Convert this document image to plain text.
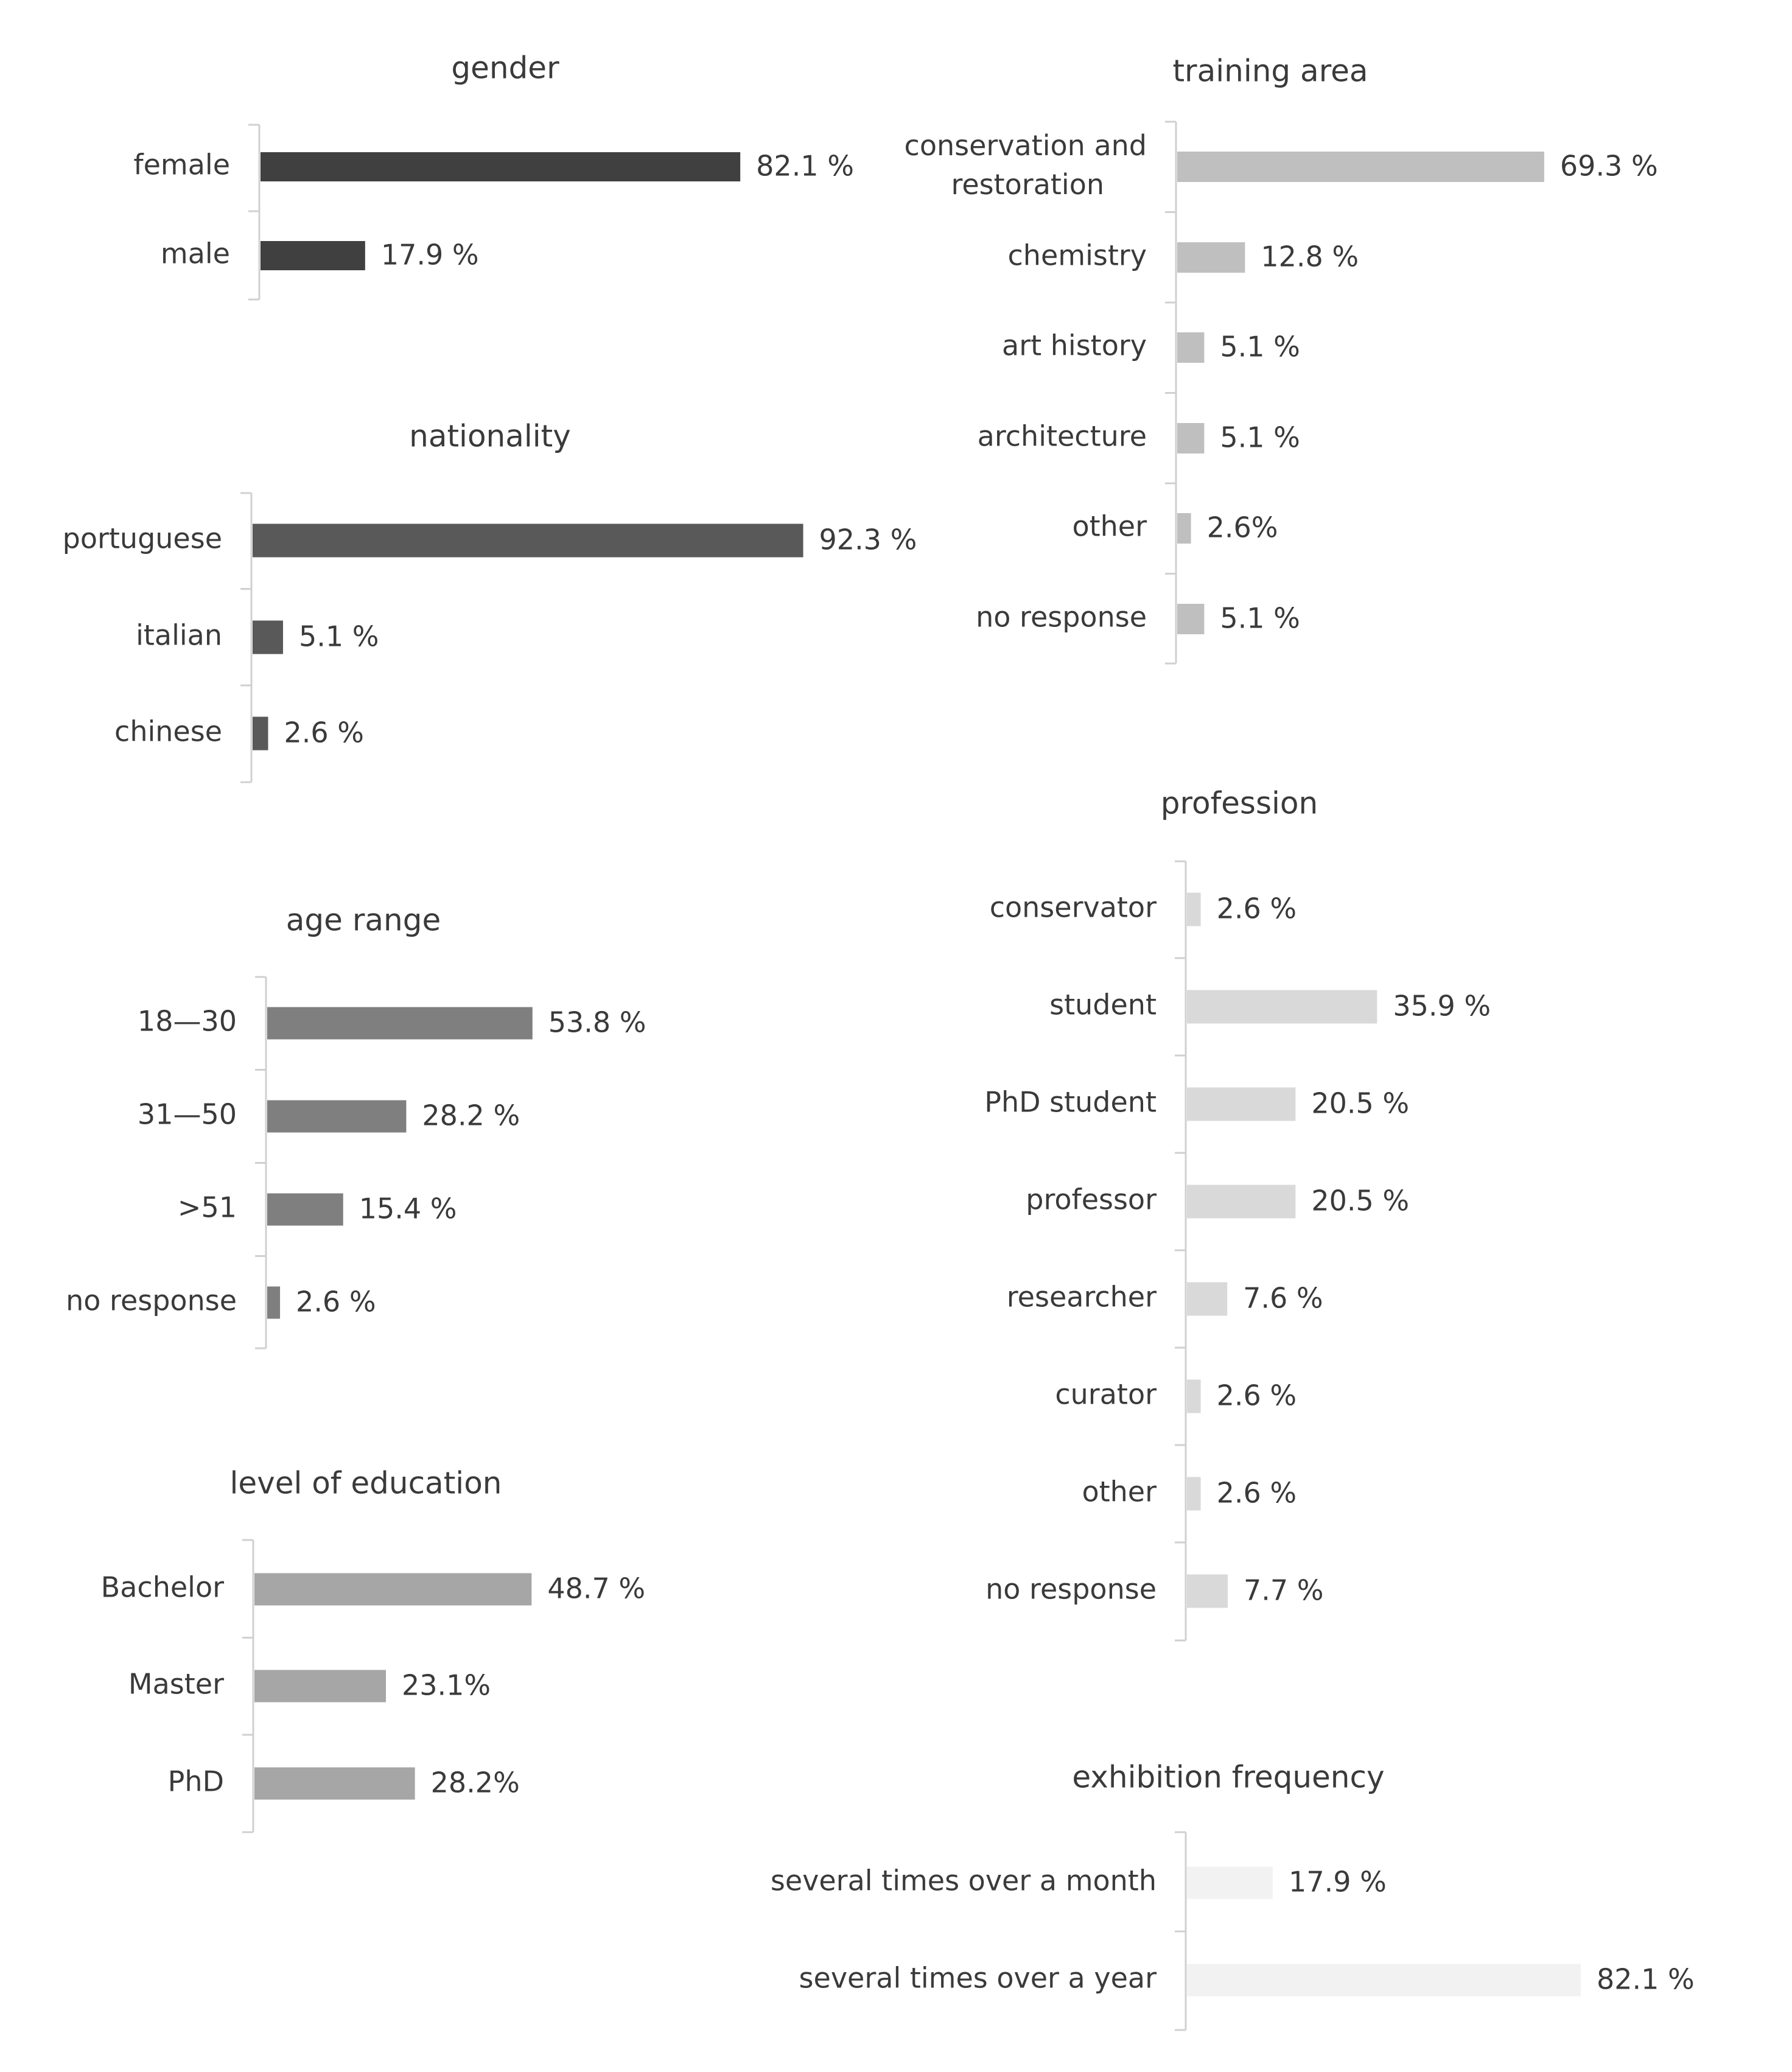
gender
female	82.1 %
male	17.9 %
nationality
portuguese	92.3 %
italian	5.1 %
chinese 2.6 %
age range
18—30	53.8 %
31—50	28.2 %
>51	15.4 %
no response 2.6 %
level of education
Bachelor	48.7 %
Master	23.1%
PhD	28.2%
training area
conservation and restoration
69.3 %
chemistry	12.8 %
art history	5.1 %
architecture	5.1 %
other 2.6%
no response	5.1 %
profession
conservator 2.6 %
student	35.9 %
PhD student	20.5 %
professor	20.5 %
researcher	7.6 %
curator 2.6 %
other 2.6 %
no response	7.7 %
exhibition frequency
several times over a month	17.9 %
several times over a year	82.1 %
